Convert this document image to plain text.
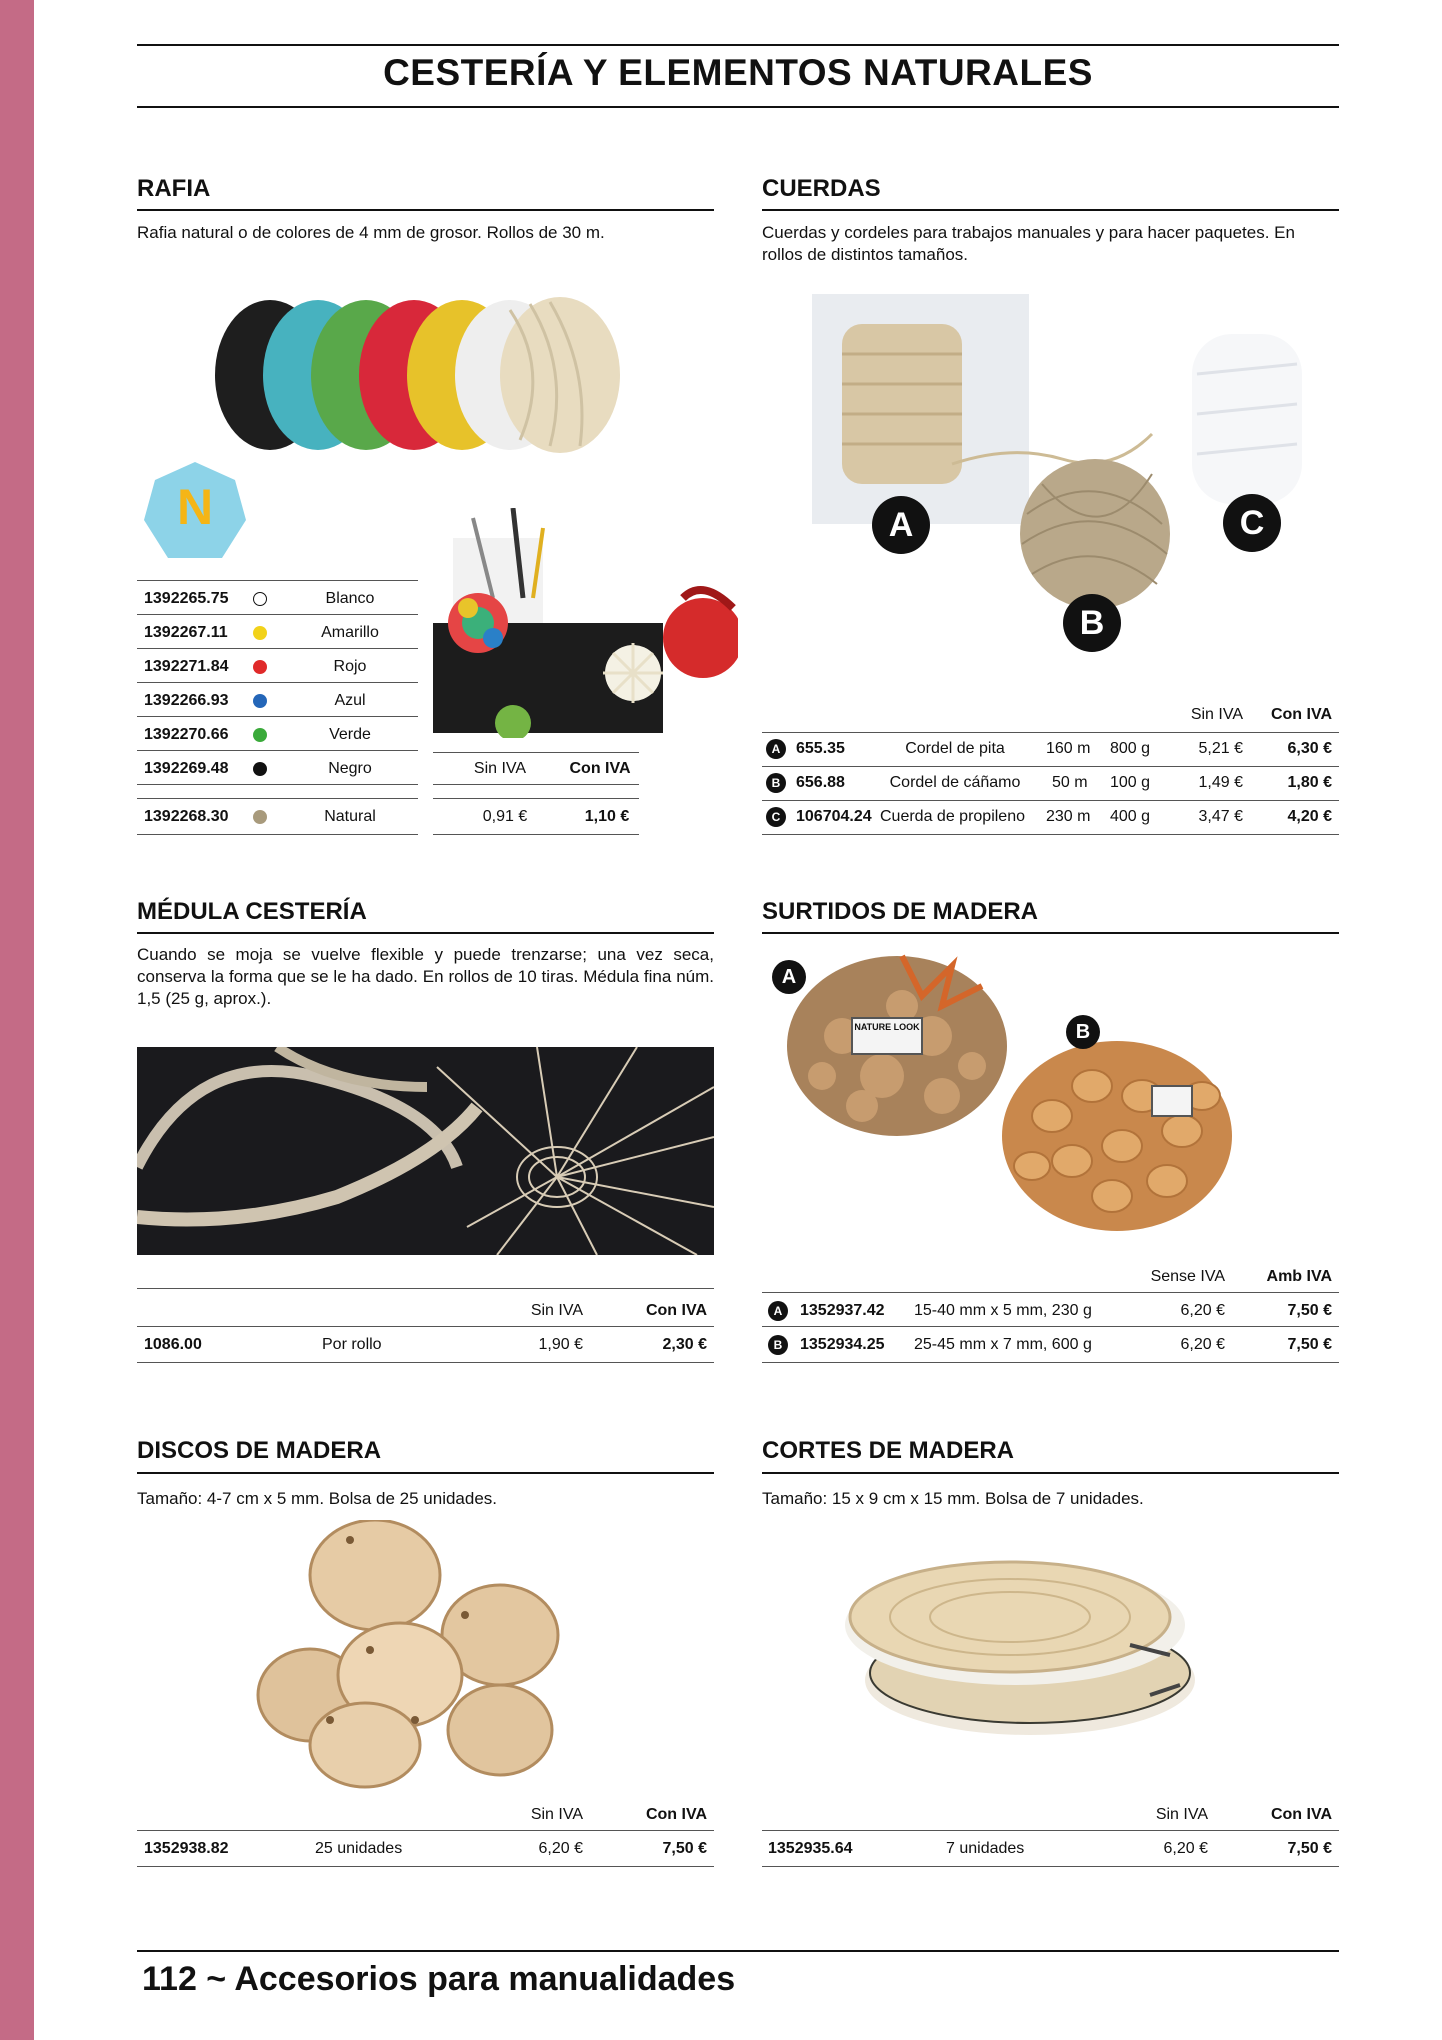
CESTERÍA Y ELEMENTOS NATURALES
RAFIA
Rafia natural o de colores de 4 mm de grosor. Rollos de 30 m.
N
1392265.75	Blanco
1392267.11	Amarillo
1392271.84	Rojo
1392266.93	Azul
1392270.66	Verde
1392269.48	Negro
1392268.30	Natural
Sin IVA	Con IVA
0,91 €	1,10 €
CUERDAS
Cuerdas y cordeles para trabajos manuales y para hacer paquetes. En rollos de distintos tamaños.
A
B
C
Sin IVA	Con IVA
A 655.35	Cordel de pita	160 m 800 g	5,21 €	6,30 €
B 656.88	Cordel de cáñamo	50 m 100 g	1,49 €	1,80 €
C 106704.24 Cuerda de propileno 230 m 400 g	3,47 €	4,20 €
MÉDULA CESTERÍA
Cuando se moja se vuelve flexible y puede trenzarse; una vez seca, conserva la forma que se le ha dado. En rollos de 10 tiras. Médula fina núm. 1,5 (25 g, aprox.).
Sin IVA	Con IVA
1086.00	Por rollo	1,90 €	2,30 €
SURTIDOS DE MADERA
NATURE LOOK
A
B
Sense IVA	Amb IVA
A	1352937.42 15-40 mm x 5 mm, 230 g	6,20 €	7,50 €
B	1352934.25 25-45 mm x 7 mm, 600 g	6,20 €	7,50 €
DISCOS DE MADERA
Tamaño: 4-7 cm x 5 mm. Bolsa de 25 unidades.
Sin IVA	Con IVA
1352938.82	25 unidades	6,20 €	7,50 €
CORTES DE MADERA
Tamaño: 15 x 9 cm x 15 mm. Bolsa de 7 unidades.
Sin IVA	Con IVA
1352935.64	7 unidades	6,20 €	7,50 €
112 ~ Accesorios para manualidades
